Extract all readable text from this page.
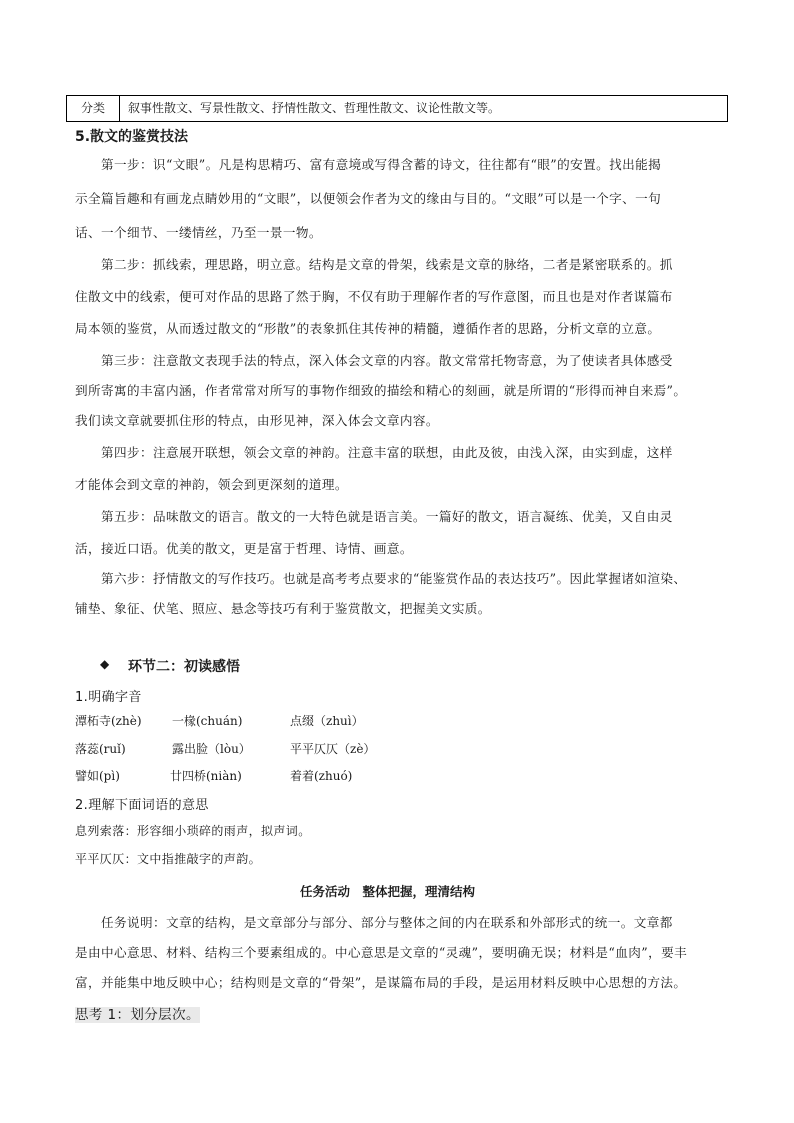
分类	叙事性散文、写景性散文、抒情性散文、哲理性散文、议论性散文等。
5.散文的鉴赏技法
第一步：识“文眼”。凡是构思精巧、富有意境或写得含蓄的诗文，往往都有“眼”的安置。找出能揭
示全篇旨趣和有画龙点睛妙用的“文眼”，以便领会作者为文的缘由与目的。“文眼”可以是一个字、一句
话、一个细节、一缕情丝，乃至一景一物。
第二步：抓线索，理思路，明立意。结构是文章的骨架，线索是文章的脉络，二者是紧密联系的。抓
住散文中的线索，便可对作品的思路了然于胸，不仅有助于理解作者的写作意图，而且也是对作者谋篇布
局本领的鉴赏，从而透过散文的“形散”的表象抓住其传神的精髓，遵循作者的思路，分析文章的立意。
第三步：注意散文表现手法的特点，深入体会文章的内容。散文常常托物寄意，为了使读者具体感受
到所寄寓的丰富内涵，作者常常对所写的事物作细致的描绘和精心的刻画，就是所谓的“形得而神自来焉”。
我们读文章就要抓住形的特点，由形见神，深入体会文章内容。
第四步：注意展开联想，领会文章的神韵。注意丰富的联想，由此及彼，由浅入深，由实到虚，这样
才能体会到文章的神韵，领会到更深刻的道理。
第五步：品味散文的语言。散文的一大特色就是语言美。一篇好的散文，语言凝练、优美，又自由灵
活，接近口语。优美的散文，更是富于哲理、诗情、画意。
第六步：抒情散文的写作技巧。也就是高考考点要求的“能鉴赏作品的表达技巧”。因此掌握诸如渲染、
铺垫、象征、伏笔、照应、悬念等技巧有利于鉴赏散文，把握美文实质。
◆ 环节二：初读感悟
1.明确字音
潭柘寺(zhè)	一椽(chuán)	点缀（zhuì）
落蕊(ruǐ)	露出脸（lòu）	平平仄仄（zè）
譬如(pì)	廿四桥(niàn)	着着(zhuó)
2.理解下面词语的意思
息列索落：形容细小琐碎的雨声，拟声词。
平平仄仄：文中指推敲字的声韵。
任务活动　整体把握，理清结构
任务说明：文章的结构，是文章部分与部分、部分与整体之间的内在联系和外部形式的统一。文章都
是由中心意思、材料、结构三个要素组成的。中心意思是文章的“灵魂”，要明确无误；材料是“血肉”，要丰
富，并能集中地反映中心；结构则是文章的“骨架”，是谋篇布局的手段，是运用材料反映中心思想的方法。
思考 1：划分层次。
